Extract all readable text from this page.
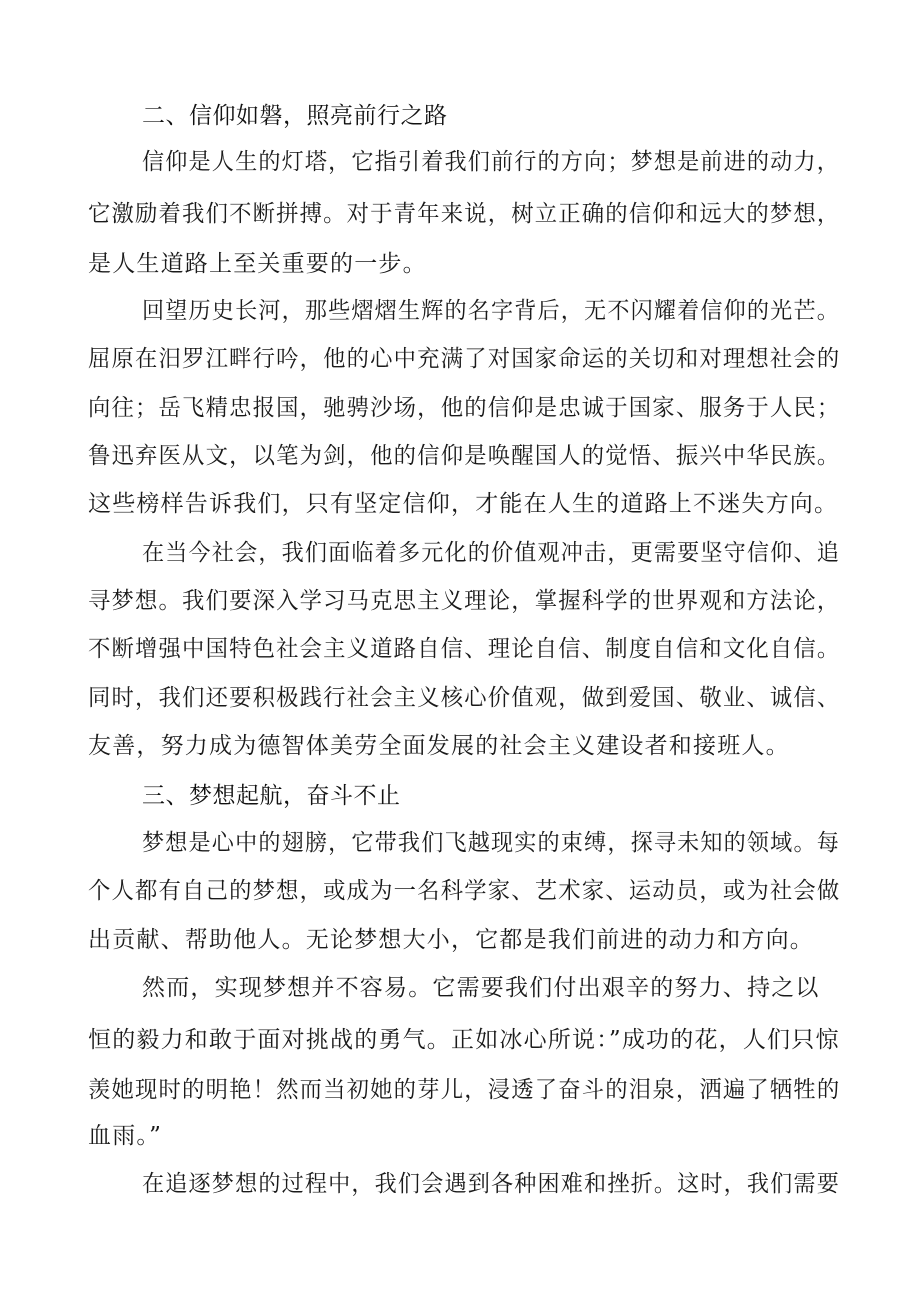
二、信仰如磐，照亮前行之路
信仰是人生的灯塔，它指引着我们前行的方向；梦想是前进的动力，
它激励着我们不断拼搏。对于青年来说，树立正确的信仰和远大的梦想，
是人生道路上至关重要的一步。
回望历史长河，那些熠熠生辉的名字背后，无不闪耀着信仰的光芒。
屈原在汨罗江畔行吟，他的心中充满了对国家命运的关切和对理想社会的
向往；岳飞精忠报国，驰骋沙场，他的信仰是忠诚于国家、服务于人民；
鲁迅弃医从文，以笔为剑，他的信仰是唤醒国人的觉悟、振兴中华民族。
这些榜样告诉我们，只有坚定信仰，才能在人生的道路上不迷失方向。
在当今社会，我们面临着多元化的价值观冲击，更需要坚守信仰、追
寻梦想。我们要深入学习马克思主义理论，掌握科学的世界观和方法论，
不断增强中国特色社会主义道路自信、理论自信、制度自信和文化自信。
同时，我们还要积极践行社会主义核心价值观，做到爱国、敬业、诚信、
友善，努力成为德智体美劳全面发展的社会主义建设者和接班人。
三、梦想起航，奋斗不止
梦想是心中的翅膀，它带我们飞越现实的束缚，探寻未知的领域。每
个人都有自己的梦想，或成为一名科学家、艺术家、运动员，或为社会做
出贡献、帮助他人。无论梦想大小，它都是我们前进的动力和方向。
然而，实现梦想并不容易。它需要我们付出艰辛的努力、持之以
恒的毅力和敢于面对挑战的勇气。正如冰心所说：”成功的花，人们只惊
羡她现时的明艳！然而当初她的芽儿，浸透了奋斗的泪泉，洒遍了牺牲的
血雨。”
在追逐梦想的过程中，我们会遇到各种困难和挫折。这时，我们需要
